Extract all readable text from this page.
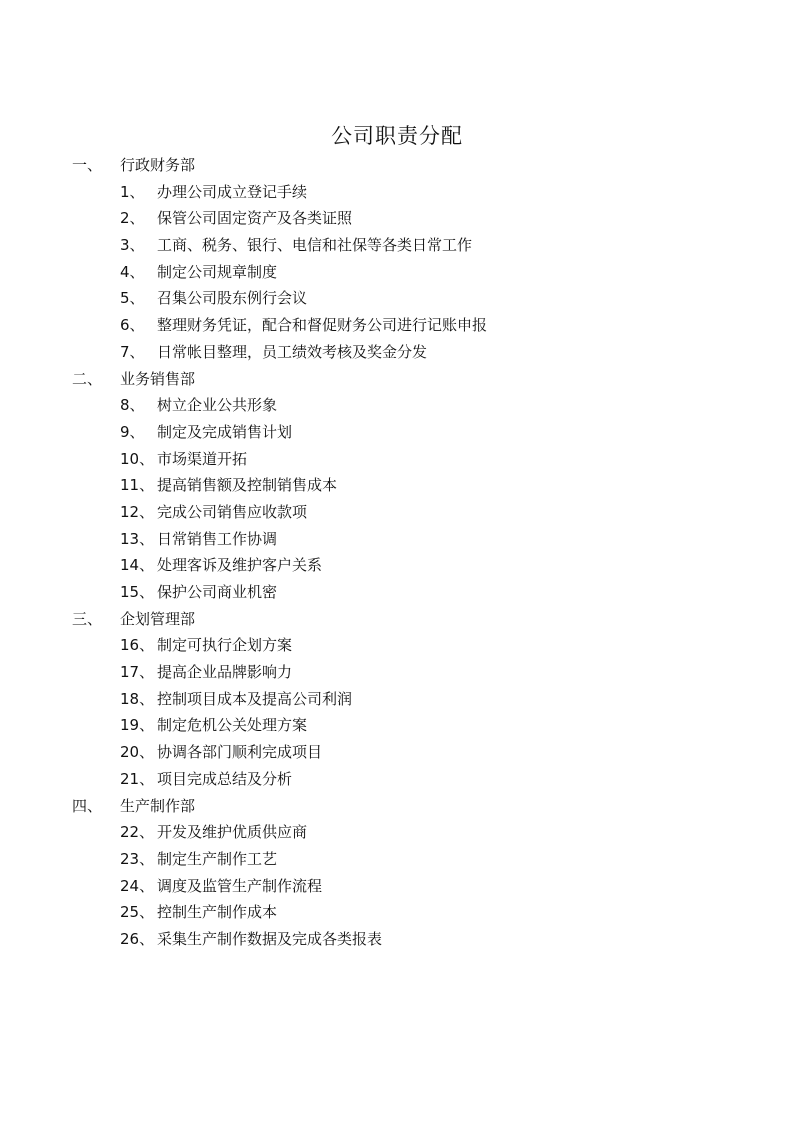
公司职责分配
一、 行政财务部
1、 办理公司成立登记手续
2、 保管公司固定资产及各类证照
3、 工商、税务、银行、电信和社保等各类日常工作
4、 制定公司规章制度
5、 召集公司股东例行会议
6、 整理财务凭证，配合和督促财务公司进行记账申报
7、 日常帐目整理，员工绩效考核及奖金分发
二、 业务销售部
8、 树立企业公共形象
9、 制定及完成销售计划
10、 市场渠道开拓
11、 提高销售额及控制销售成本
12、 完成公司销售应收款项
13、 日常销售工作协调
14、 处理客诉及维护客户关系
15、 保护公司商业机密
三、 企划管理部
16、 制定可执行企划方案
17、 提高企业品牌影响力
18、 控制项目成本及提高公司利润
19、 制定危机公关处理方案
20、 协调各部门顺利完成项目
21、 项目完成总结及分析
四、 生产制作部
22、 开发及维护优质供应商
23、 制定生产制作工艺
24、 调度及监管生产制作流程
25、 控制生产制作成本
26、 采集生产制作数据及完成各类报表
